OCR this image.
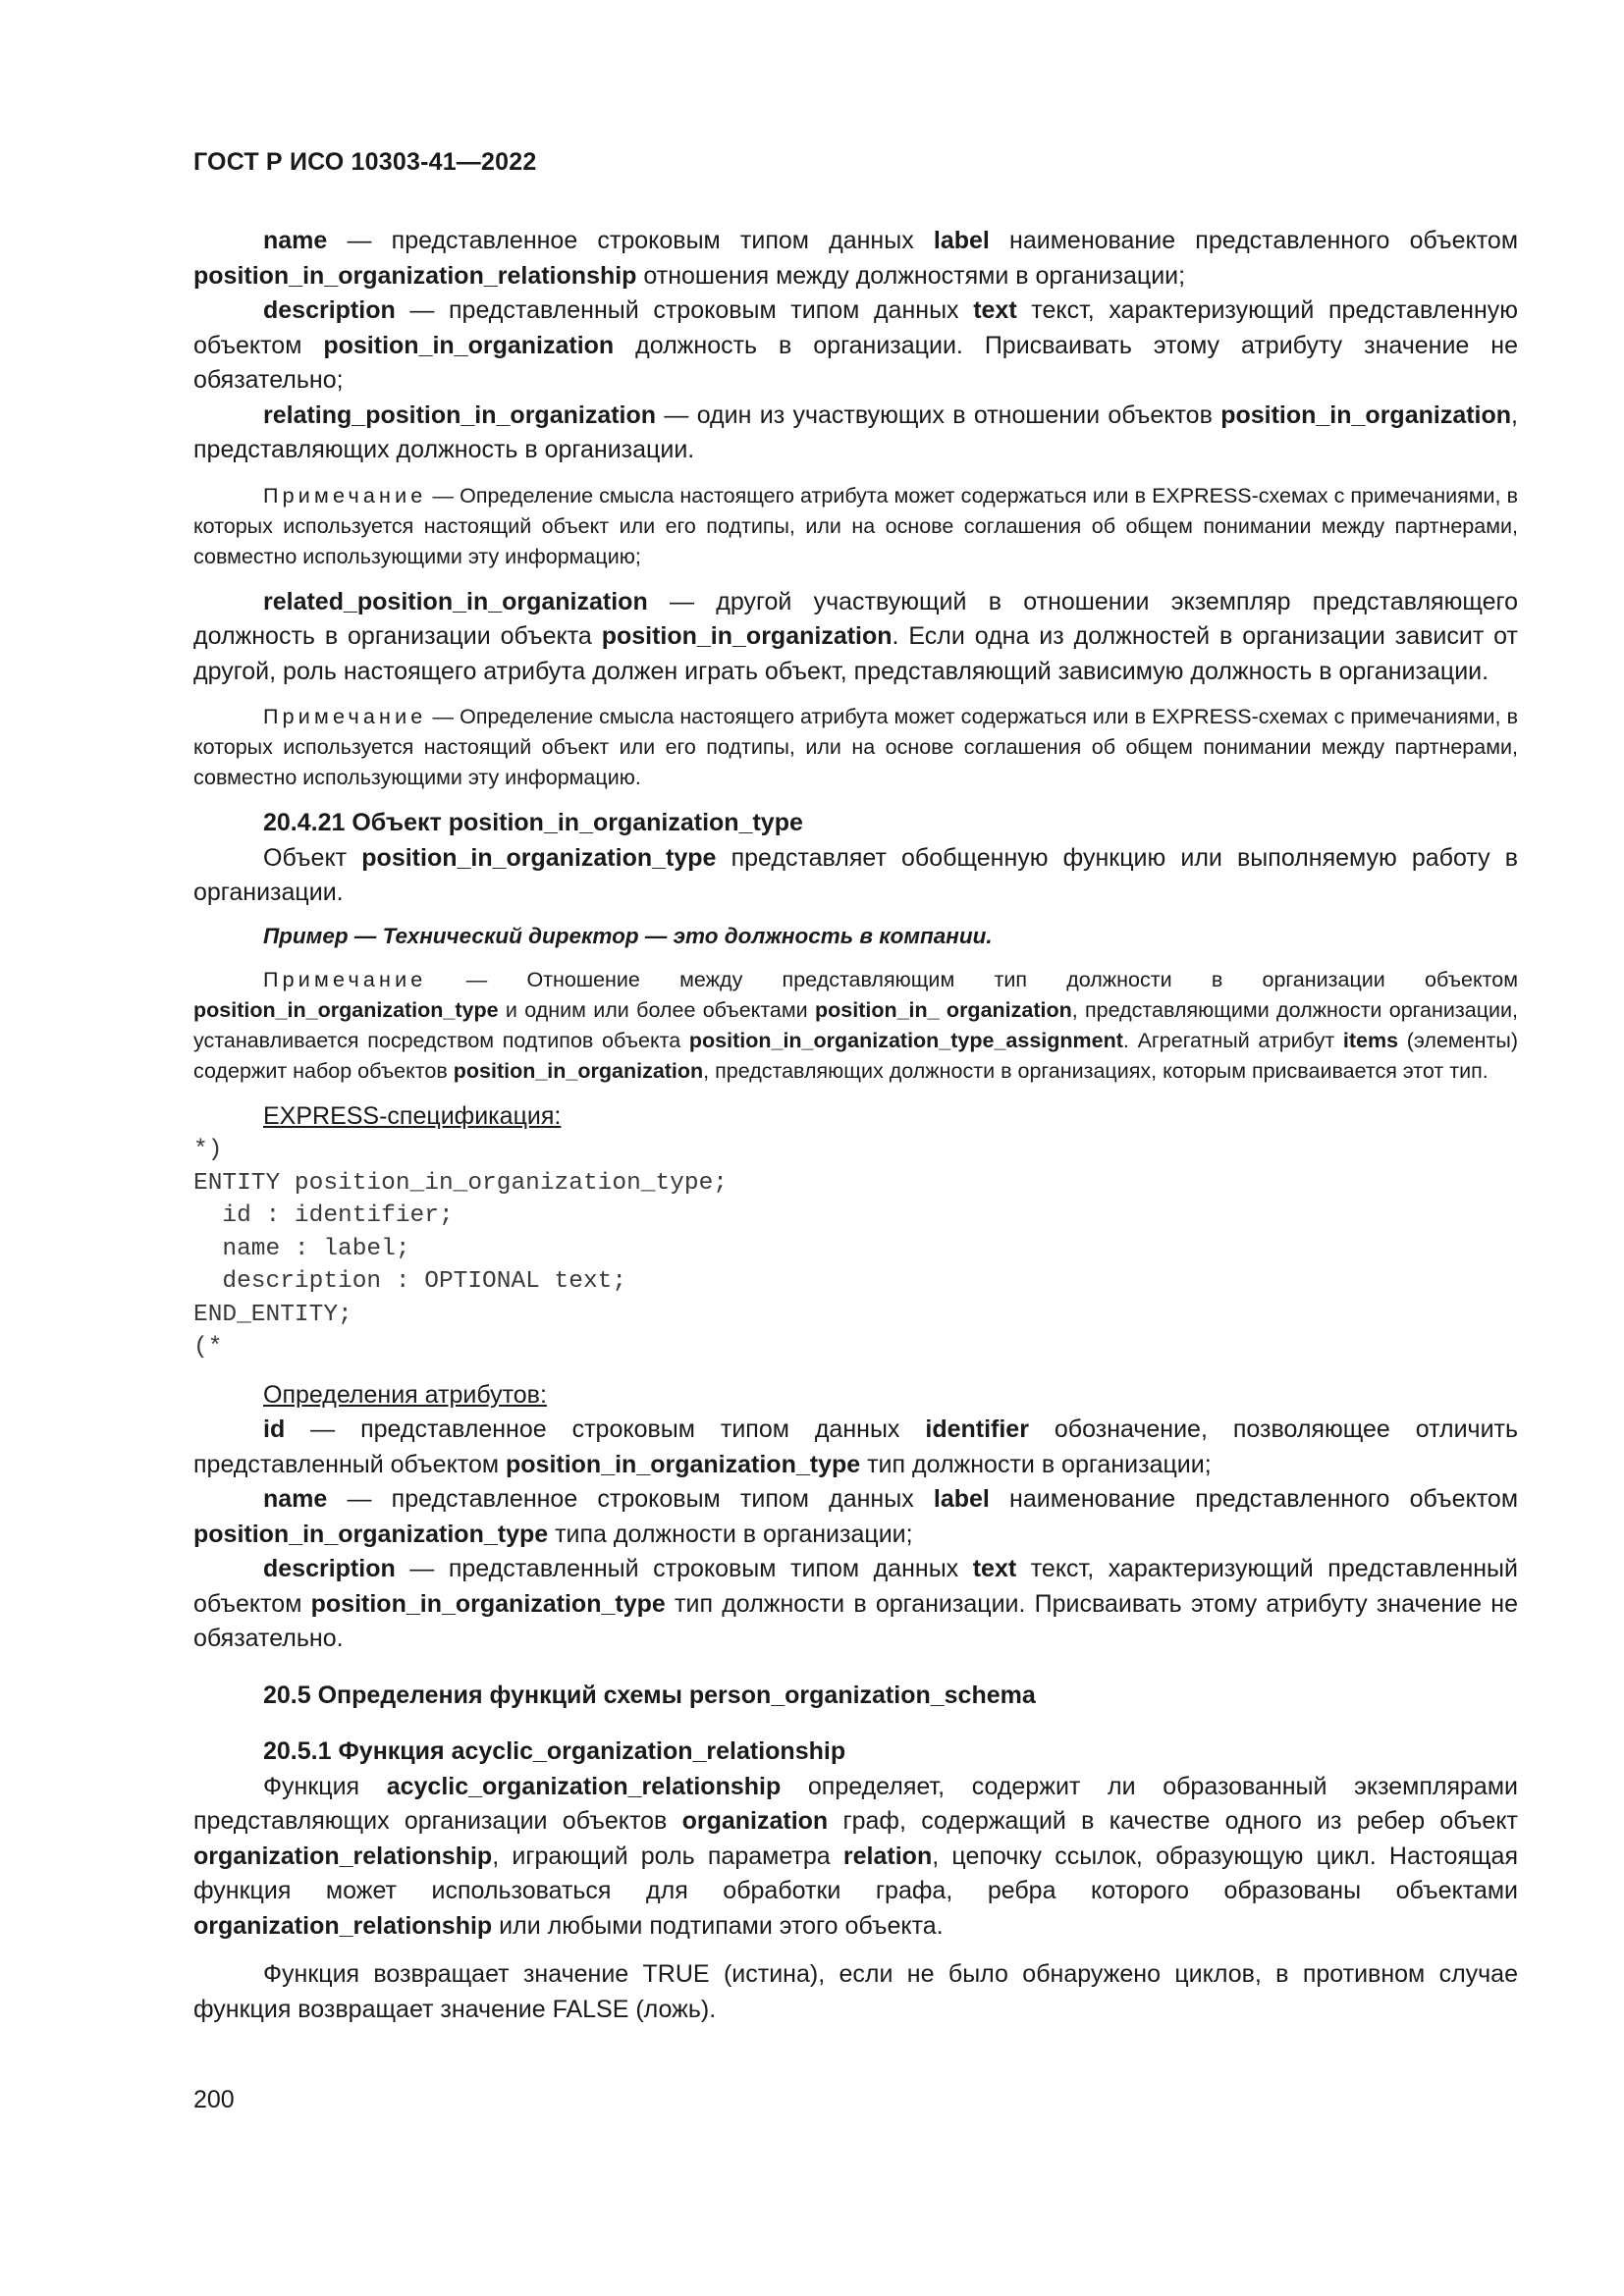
ГОСТ Р ИСО 10303-41—2022

name — представленное строковым типом данных label наименование представленного объектом position_in_organization_relationship отношения между должностями в организации;

description — представленный строковым типом данных text текст, характеризующий представленную объектом position_in_organization должность в организации. Присваивать этому атрибуту значение не обязательно;

relating_position_in_organization — один из участвующих в отношении объектов position_in_organization, представляющих должность в организации.

Примечание — Определение смысла настоящего атрибута может содержаться или в EXPRESS-схемах с примечаниями, в которых используется настоящий объект или его подтипы, или на основе соглашения об общем понимании между партнерами, совместно использующими эту информацию;

related_position_in_organization — другой участвующий в отношении экземпляр представляющего должность в организации объекта position_in_organization. Если одна из должностей в организации зависит от другой, роль настоящего атрибута должен играть объект, представляющий зависимую должность в организации.

Примечание — Определение смысла настоящего атрибута может содержаться или в EXPRESS-схемах с примечаниями, в которых используется настоящий объект или его подтипы, или на основе соглашения об общем понимании между партнерами, совместно использующими эту информацию.

20.4.21 Объект position_in_organization_type

Объект position_in_organization_type представляет обобщенную функцию или выполняемую работу в организации.

Пример — Технический директор — это должность в компании.

Примечание — Отношение между представляющим тип должности в организации объектом position_in_organization_type и одним или более объектами position_in_ organization, представляющими должности организации, устанавливается посредством подтипов объекта position_in_organization_type_assignment. Агрегатный атрибут items (элементы) содержит набор объектов position_in_organization, представляющих должности в организациях, которым присваивается этот тип.

EXPRESS-спецификация:

*)
ENTITY position_in_organization_type;
id : identifier;
name : label;
description : OPTIONAL text;
END_ENTITY;
(*

Определения атрибутов:

id — представленное строковым типом данных identifier обозначение, позволяющее отличить представленный объектом position_in_organization_type тип должности в организации;

name — представленное строковым типом данных label наименование представленного объектом position_in_organization_type типа должности в организации;

description — представленный строковым типом данных text текст, характеризующий представленный объектом position_in_organization_type тип должности в организации. Присваивать этому атрибуту значение не обязательно.

20.5 Определения функций схемы person_organization_schema

20.5.1 Функция acyclic_organization_relationship

Функция acyclic_organization_relationship определяет, содержит ли образованный экземплярами представляющих организации объектов organization граф, содержащий в качестве одного из ребер объект organization_relationship, играющий роль параметра relation, цепочку ссылок, образующую цикл. Настоящая функция может использоваться для обработки графа, ребра которого образованы объектами organization_relationship или любыми подтипами этого объекта.

Функция возвращает значение TRUE (истина), если не было обнаружено циклов, в противном случае функция возвращает значение FALSE (ложь).

200
